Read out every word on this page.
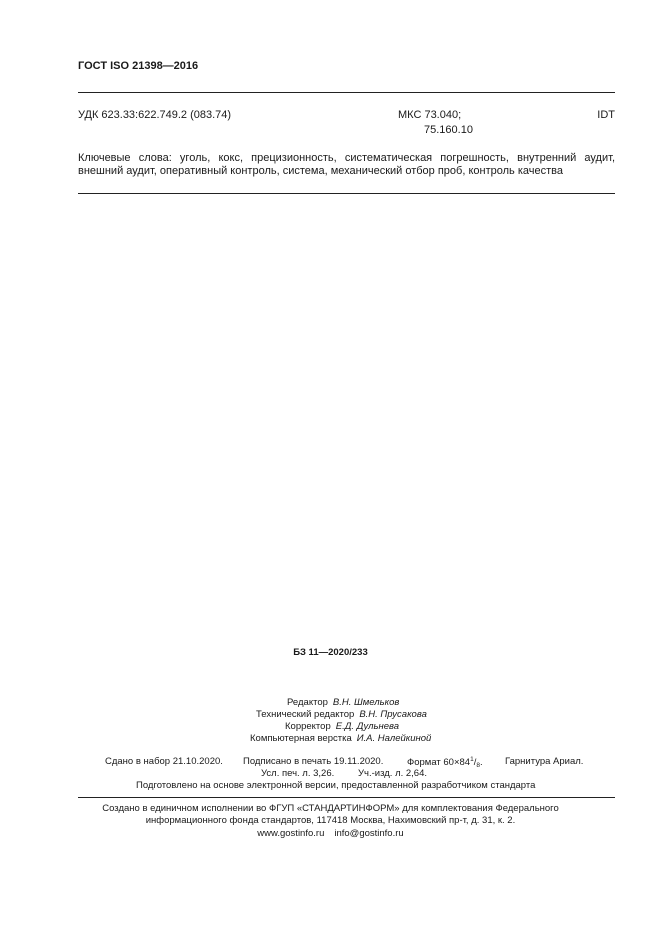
ГОСТ ISO 21398—2016
УДК 623.33:622.749.2 (083.74)	МКС 73.040;
75.160.10
IDT
Ключевые слова: уголь, кокс, прецизионность, систематическая погрешность, внутренний аудит, внешний аудит, оперативный контроль, система, механический отбор проб, контроль качества
БЗ 11—2020/233
Редактор В.Н. Шмельков
Технический редактор В.Н. Прусакова
Корректор Е.Д. Дульнева
Компьютерная верстка И.А. Налейкиной
Сдано в набор 21.10.2020. Подписано в печать 19.11.2020. Формат $60\times 84^1/_8$. Гарнитура Ариал.
Усл. печ. л. 3,26. Уч.-изд. л. 2,64.
Подготовлено на основе электронной версии, предоставленной разработчиком стандарта
Создано в единичном исполнении во ФГУП «СТАНДАРТИНФОРМ» для комплектования Федерального
информационного фонда стандартов, 117418 Москва, Нахимовский пр-т, д. 31, к. 2.
www.gostinfo.ru info@gostinfo.ru
